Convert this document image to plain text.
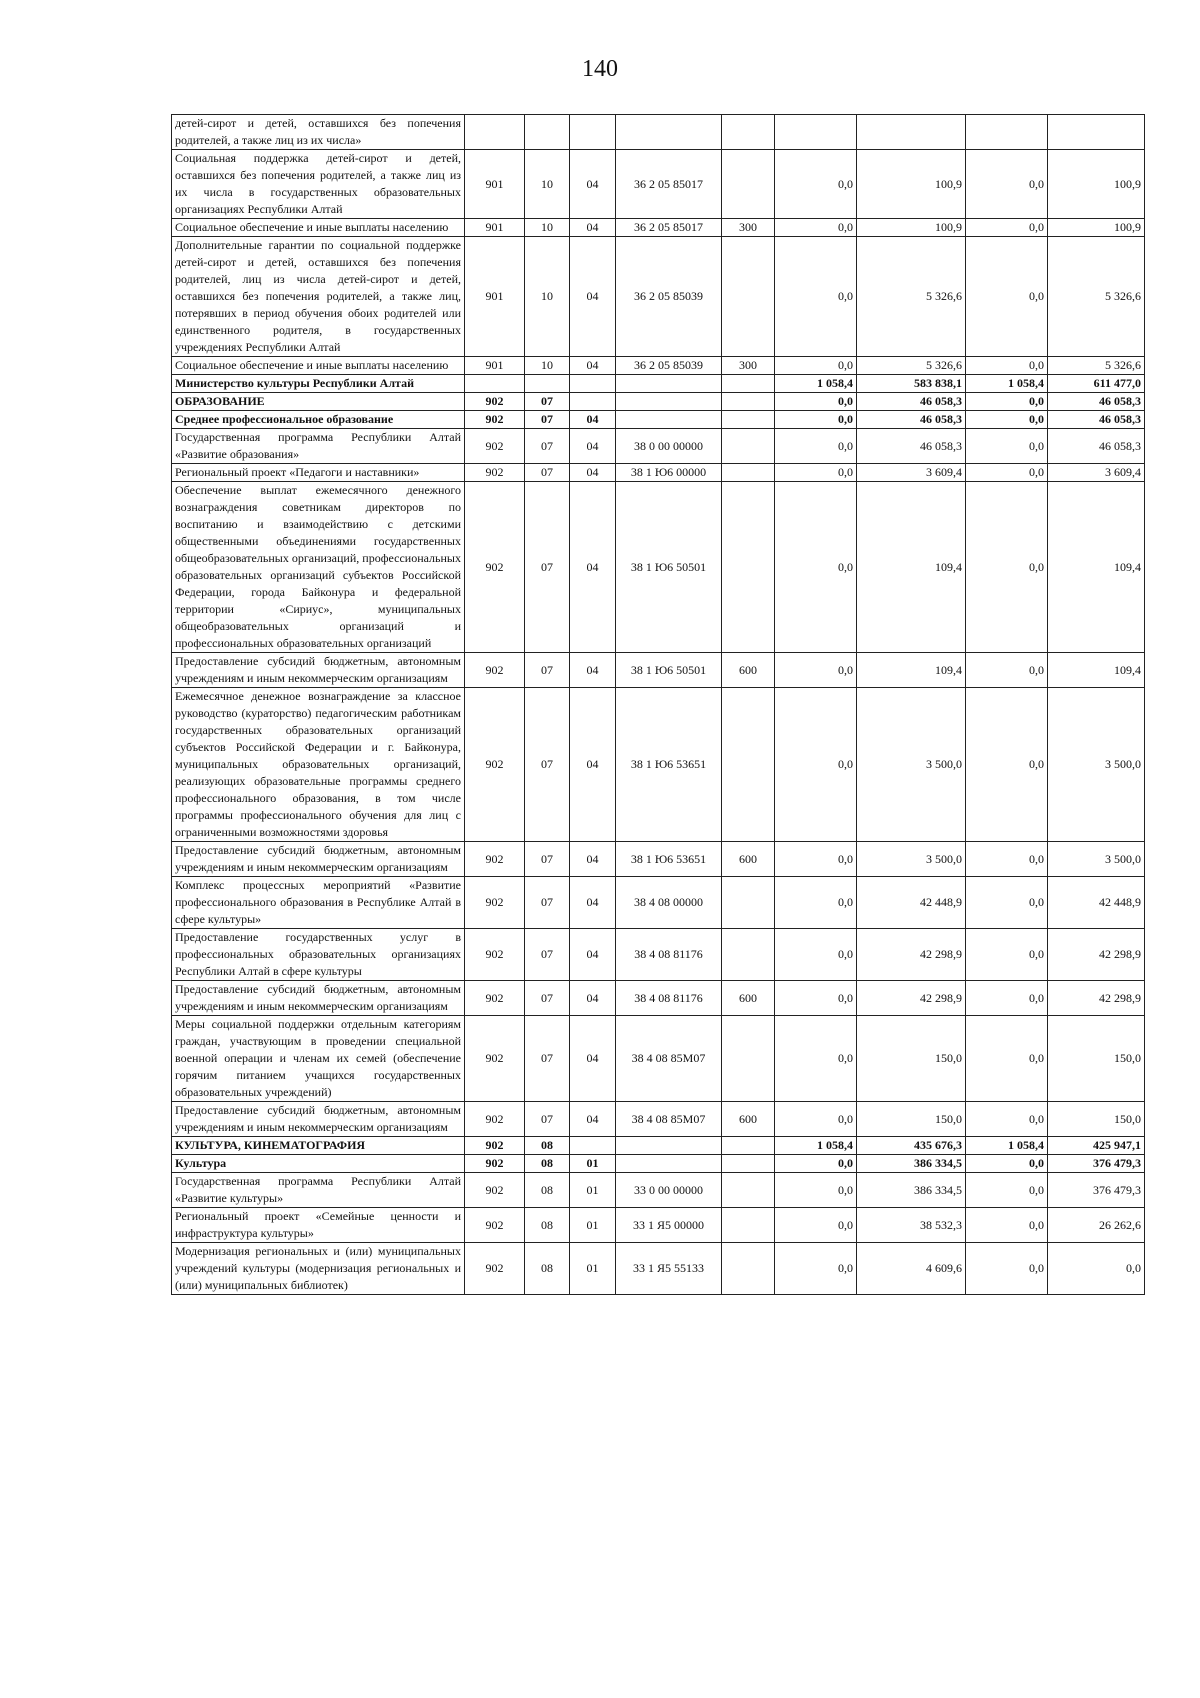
140
детей-сирот и детей, оставшихся без попечения родителей, а также лиц из их числа»									
Социальная поддержка детей-сирот и детей, оставшихся без попечения родителей, а также лиц из их числа в государственных образовательных организациях Республики Алтай	901	10	04	36 2 05 85017		0,0	100,9	0,0	100,9
Социальное обеспечение и иные выплаты населению	901	10	04	36 2 05 85017	300	0,0	100,9	0,0	100,9
Дополнительные гарантии по социальной поддержке детей-сирот и детей, оставшихся без попечения родителей, лиц из числа детей-сирот и детей, оставшихся без попечения родителей, а также лиц, потерявших в период обучения обоих родителей или единственного родителя, в государственных учреждениях Республики Алтай	901	10	04	36 2 05 85039		0,0	5 326,6	0,0	5 326,6
Социальное обеспечение и иные выплаты населению	901	10	04	36 2 05 85039	300	0,0	5 326,6	0,0	5 326,6
Министерство культуры Республики Алтай						1 058,4	583 838,1	1 058,4	611 477,0
ОБРАЗОВАНИЕ	902	07				0,0	46 058,3	0,0	46 058,3
Среднее профессиональное образование	902	07	04			0,0	46 058,3	0,0	46 058,3
Государственная программа Республики Алтай «Развитие образования»	902	07	04	38 0 00 00000		0,0	46 058,3	0,0	46 058,3
Региональный проект «Педагоги и наставники»	902	07	04	38 1 Ю6 00000		0,0	3 609,4	0,0	3 609,4
Обеспечение выплат ежемесячного денежного вознаграждения советникам директоров по воспитанию и взаимодействию с детскими общественными объединениями государственных общеобразовательных организаций, профессиональных образовательных организаций субъектов Российской Федерации, города Байконура и федеральной территории «Сириус», муниципальных общеобразовательных организаций и профессиональных образовательных организаций	902	07	04	38 1 Ю6 50501		0,0	109,4	0,0	109,4
Предоставление субсидий бюджетным, автономным учреждениям и иным некоммерческим организациям	902	07	04	38 1 Ю6 50501	600	0,0	109,4	0,0	109,4
Ежемесячное денежное вознаграждение за классное руководство (кураторство) педагогическим работникам государственных образовательных организаций субъектов Российской Федерации и г. Байконура, муниципальных образовательных организаций, реализующих образовательные программы среднего профессионального образования, в том числе программы профессионального обучения для лиц с ограниченными возможностями здоровья	902	07	04	38 1 Ю6 53651		0,0	3 500,0	0,0	3 500,0
Предоставление субсидий бюджетным, автономным учреждениям и иным некоммерческим организациям	902	07	04	38 1 Ю6 53651	600	0,0	3 500,0	0,0	3 500,0
Комплекс процессных мероприятий «Развитие профессионального образования в Республике Алтай в сфере культуры»	902	07	04	38 4 08 00000		0,0	42 448,9	0,0	42 448,9
Предоставление государственных услуг в профессиональных образовательных организациях Республики Алтай в сфере культуры	902	07	04	38 4 08 81176		0,0	42 298,9	0,0	42 298,9
Предоставление субсидий бюджетным, автономным учреждениям и иным некоммерческим организациям	902	07	04	38 4 08 81176	600	0,0	42 298,9	0,0	42 298,9
Меры социальной поддержки отдельным категориям граждан, участвующим в проведении специальной военной операции и членам их семей (обеспечение горячим питанием учащихся государственных образовательных учреждений)	902	07	04	38 4 08 85М07		0,0	150,0	0,0	150,0
Предоставление субсидий бюджетным, автономным учреждениям и иным некоммерческим организациям	902	07	04	38 4 08 85М07	600	0,0	150,0	0,0	150,0
КУЛЬТУРА, КИНЕМАТОГРАФИЯ	902	08				1 058,4	435 676,3	1 058,4	425 947,1
Культура	902	08	01			0,0	386 334,5	0,0	376 479,3
Государственная программа Республики Алтай «Развитие культуры»	902	08	01	33 0 00 00000		0,0	386 334,5	0,0	376 479,3
Региональный проект «Семейные ценности и инфраструктура культуры»	902	08	01	33 1 Я5 00000		0,0	38 532,3	0,0	26 262,6
Модернизация региональных и (или) муниципальных учреждений культуры (модернизация региональных и (или) муниципальных библиотек)	902	08	01	33 1 Я5 55133		0,0	4 609,6	0,0	0,0
